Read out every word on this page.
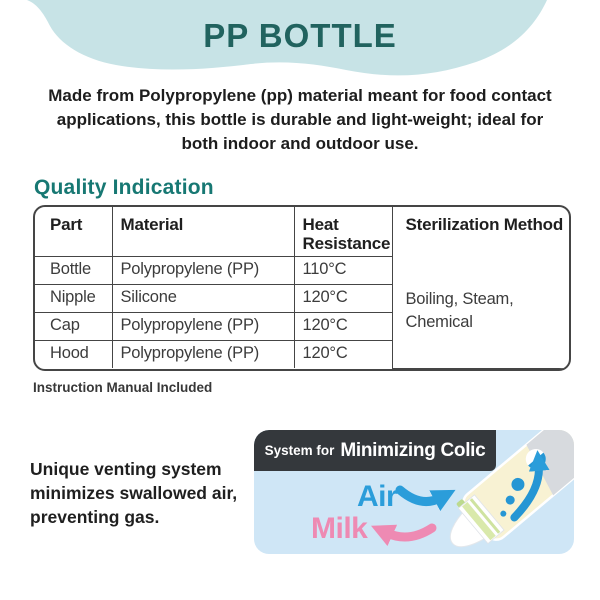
PP BOTTLE
Made from Polypropylene (pp) material meant for food contact
applications, this bottle is durable and light-weight; ideal for
both indoor and outdoor use.
Quality Indication
Part	Material	Heat Resistance	Sterilization Method
Bottle	Polypropylene (PP)	110°C	Boiling, Steam, Chemical
Nipple	Silicone	120°C	
Cap	Polypropylene (PP)	120°C	
Hood	Polypropylene (PP)	120°C	
Instruction Manual Included
Unique venting system
minimizes swallowed air,
preventing gas.
System for Minimizing Colic
Air
Milk
